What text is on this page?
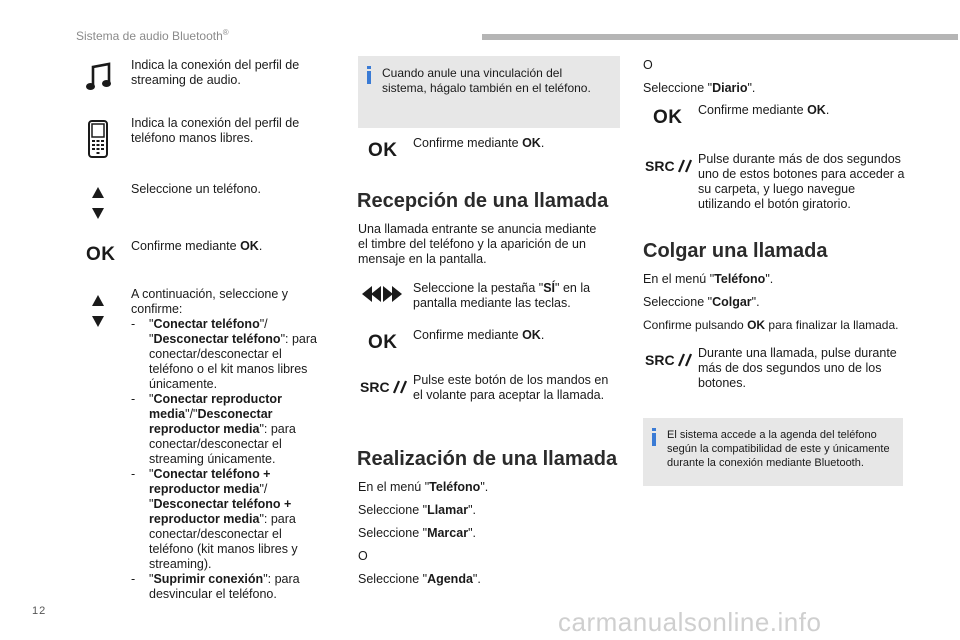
Sistema de audio Bluetooth®
Indica la conexión del perfil de streaming de audio.
Indica la conexión del perfil de teléfono manos libres.
Seleccione un teléfono.
OK Confirme mediante OK.
A continuación, seleccione y confirme:
- "Conectar teléfono"/ "Desconectar teléfono": para conectar/desconectar el teléfono o el kit manos libres únicamente.
- "Conectar reproductor media"/"Desconectar reproductor media": para conectar/desconectar el streaming únicamente.
- "Conectar teléfono + reproductor media"/ "Desconectar teléfono + reproductor media": para conectar/desconectar el teléfono (kit manos libres y streaming).
- "Suprimir conexión": para desvincular el teléfono.
Cuando anule una vinculación del sistema, hágalo también en el teléfono.
OK Confirme mediante OK.
Recepción de una llamada
Una llamada entrante se anuncia mediante el timbre del teléfono y la aparición de un mensaje en la pantalla.
Seleccione la pestaña "SÍ" en la pantalla mediante las teclas.
OK Confirme mediante OK.
SRC	Pulse este botón de los mandos en el volante para aceptar la llamada.
Realización de una llamada
En el menú "Teléfono".
Seleccione "Llamar".
Seleccione "Marcar".
O
Seleccione "Agenda".
O
Seleccione "Diario".
OK Confirme mediante OK.
SRC	Pulse durante más de dos segundos uno de estos botones para acceder a su carpeta, y luego navegue utilizando el botón giratorio.
Colgar una llamada
En el menú "Teléfono".
Seleccione "Colgar".
Confirme pulsando OK para finalizar la llamada.
SRC	Durante una llamada, pulse durante más de dos segundos uno de los botones.
El sistema accede a la agenda del teléfono según la compatibilidad de este y únicamente durante la conexión mediante Bluetooth.
12	carmanualsonline.info
